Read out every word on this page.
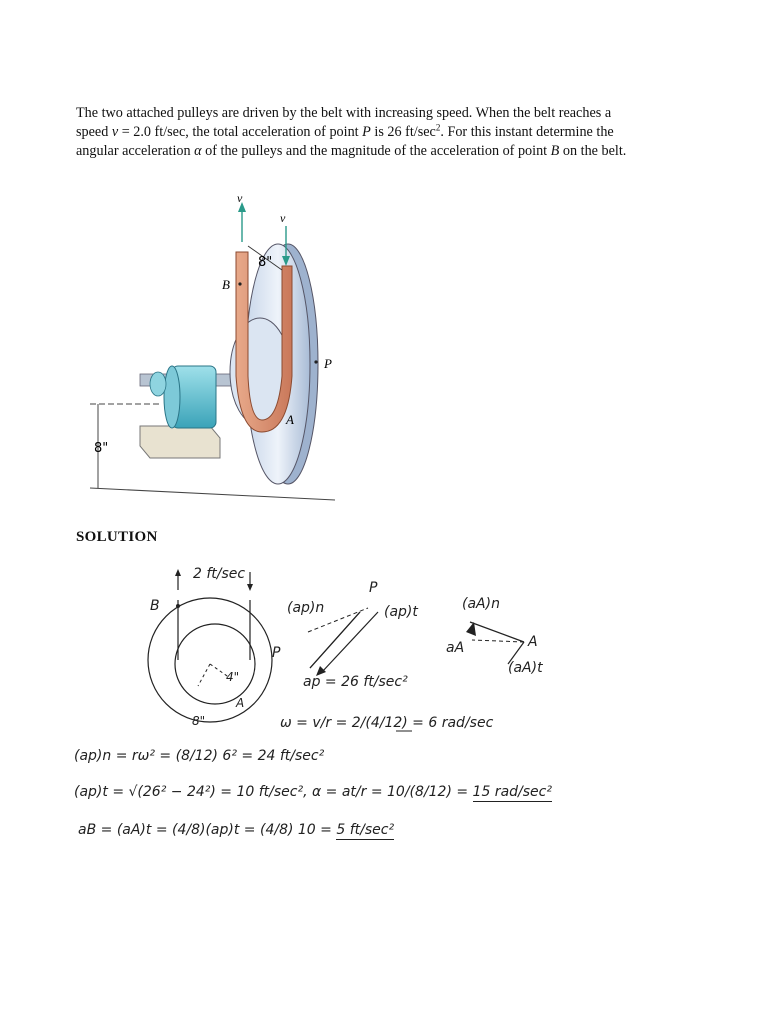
The two attached pulleys are driven by the belt with increasing speed. When the belt reaches a
speed v = 2.0 ft/sec, the total acceleration of point P is 26 $ft/\sec^2$. For this instant determine the
angular acceleration α of the pulleys and the magnitude of the acceleration of point B on the belt.

8"
v
v
8"
B
P
A

SOLUTION

2 ft/sec
B
P
4"
A
8"
P
(ap)n	(ap)t
ap = 26 ft/sec²
(aA)n
aA	A
(aA)t
ω = v/r = 2/(4/12) = 6 rad/sec
(ap)n = rω² = (8/12) 6² = 24 ft/sec²
(ap)t = √(26² − 24²) = 10 ft/sec², α = at/r = 10/(8/12) = 15 rad/sec²
aB = (aA)t = (4/8)(ap)t = (4/8) 10 = 5 ft/sec²
